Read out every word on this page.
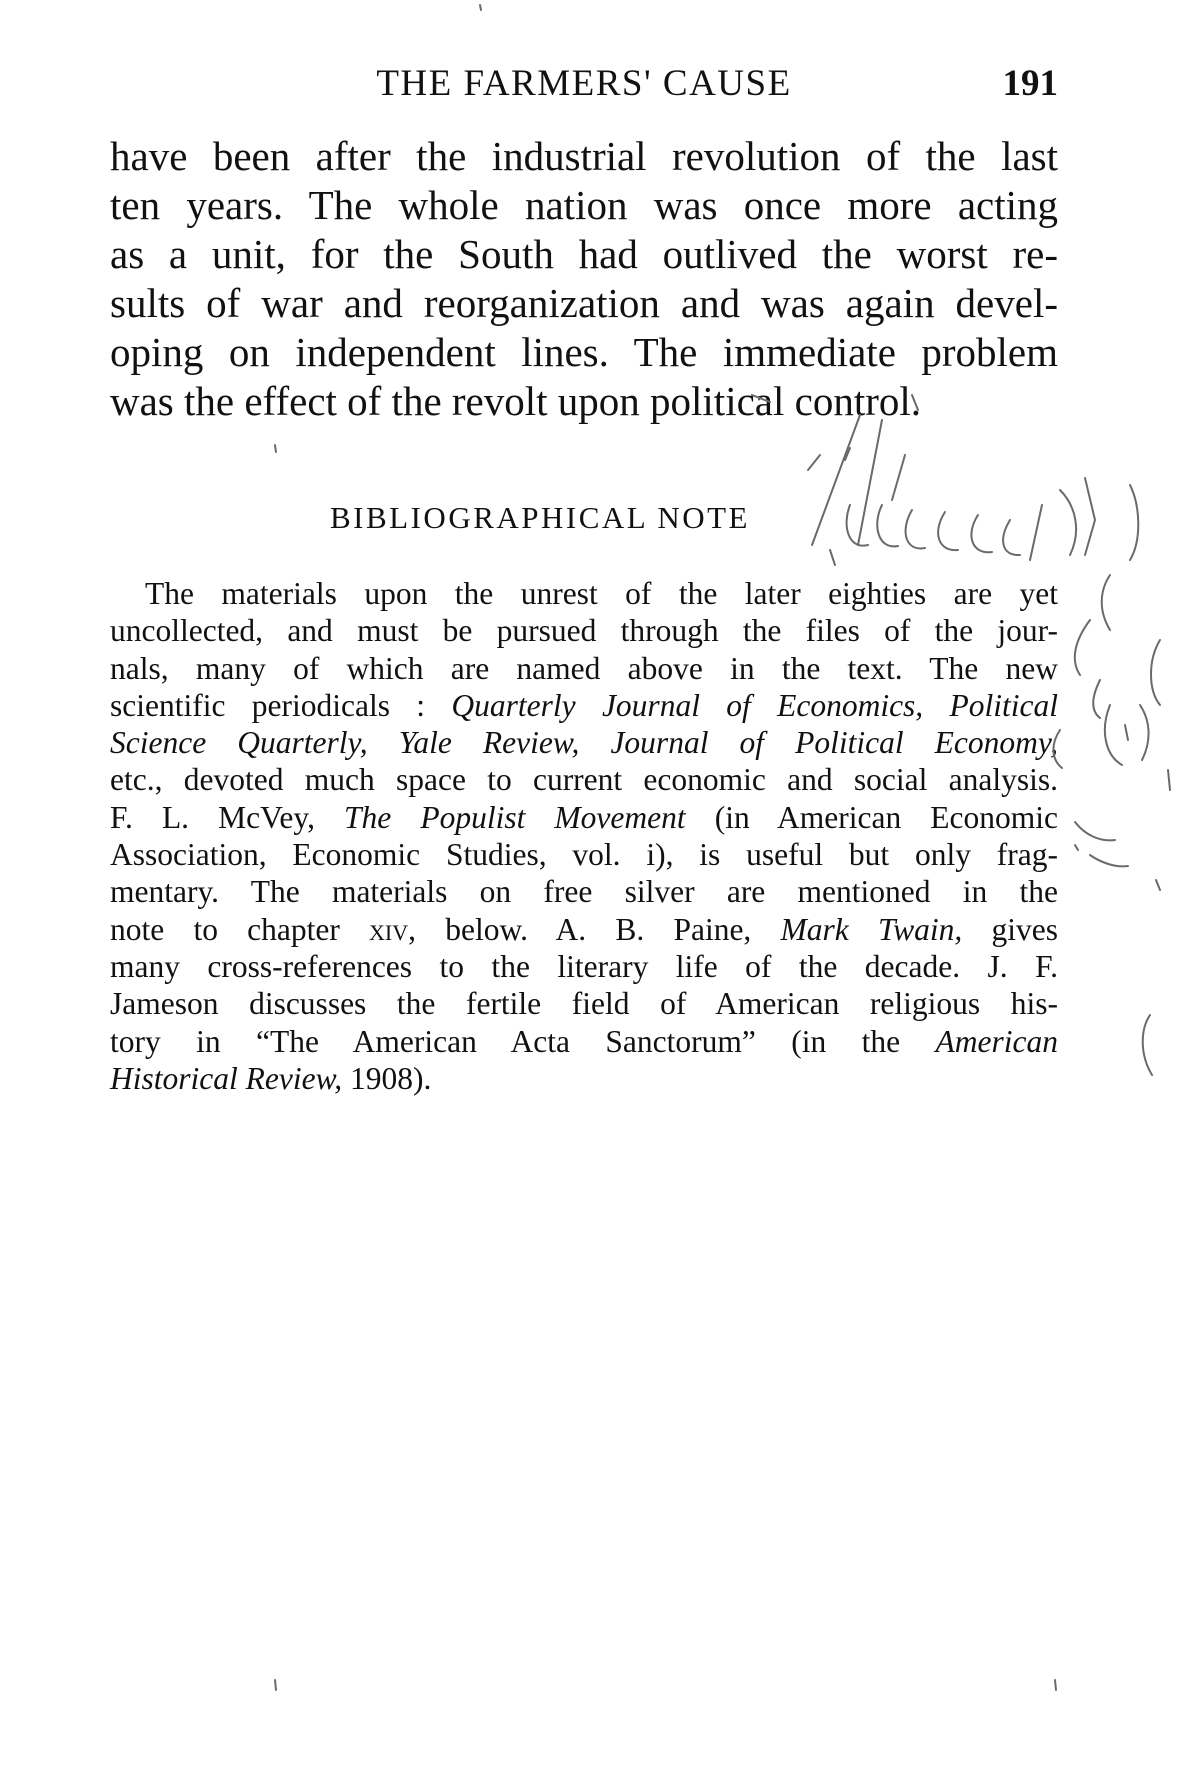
THE FARMERS' CAUSE	191

have been after the industrial revolution of the last
ten years. The whole nation was once more acting
as a unit, for the South had outlived the worst re-
sults of war and reorganization and was again devel-
oping on independent lines. The immediate problem
was the effect of the revolt upon political control.

BIBLIOGRAPHICAL NOTE

The materials upon the unrest of the later eighties are yet
uncollected, and must be pursued through the files of the jour-
nals, many of which are named above in the text. The new
scientific periodicals : Quarterly Journal of Economics, Political
Science Quarterly, Yale Review, Journal of Political Economy,
etc., devoted much space to current economic and social analysis.
F. L. McVey, The Populist Movement (in American Economic
Association, Economic Studies, vol. i), is useful but only frag-
mentary. The materials on free silver are mentioned in the
note to chapter xiv, below. A. B. Paine, Mark Twain, gives
many cross-references to the literary life of the decade. J. F.
Jameson discusses the fertile field of American religious his-
tory in “The American Acta Sanctorum” (in the American
Historical Review, 1908).
